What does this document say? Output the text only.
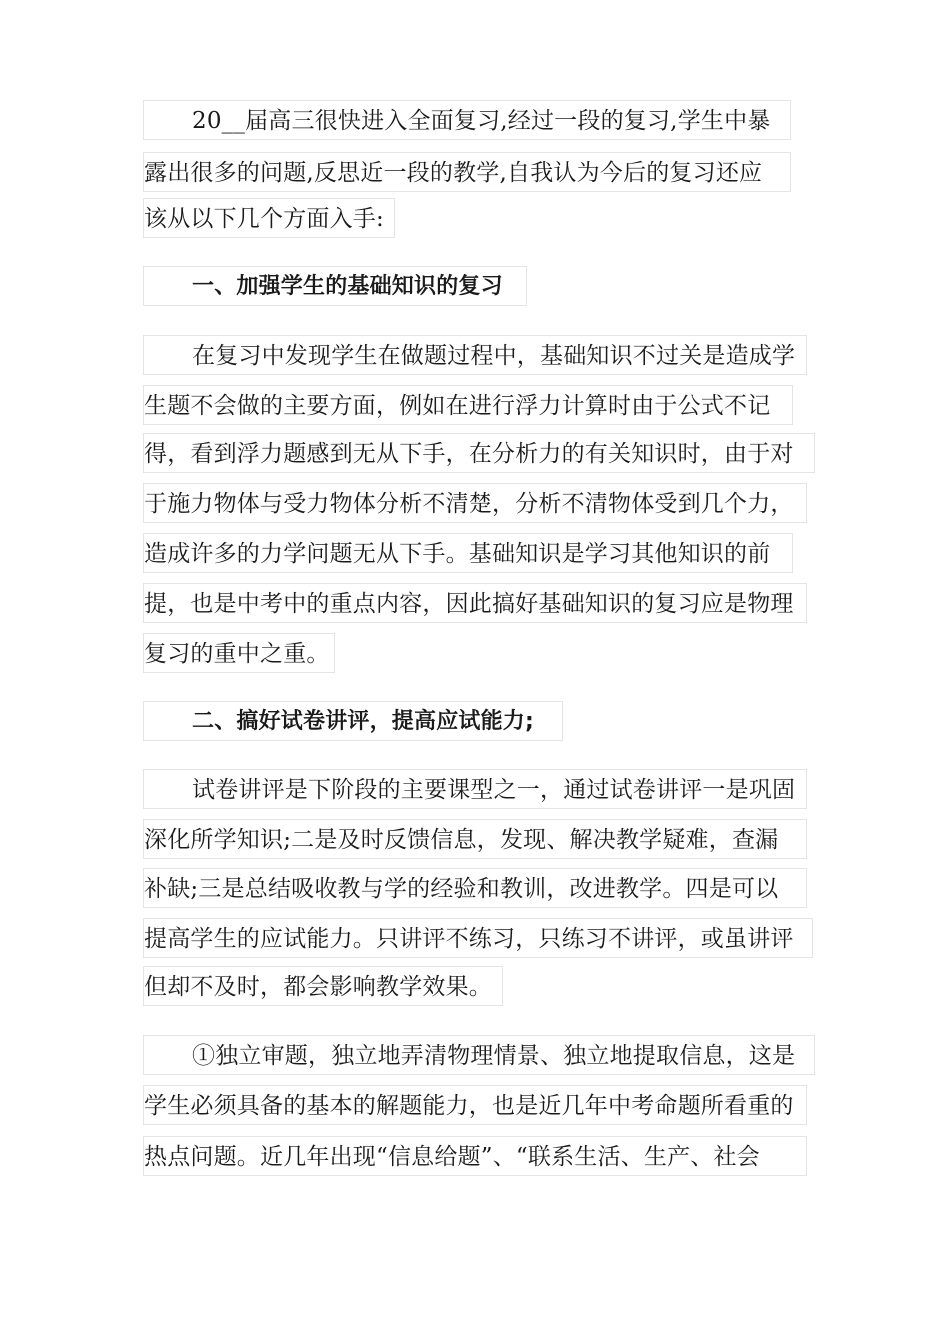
20__届高三很快进入全面复习,经过一段的复习,学生中暴
露出很多的问题,反思近一段的教学,自我认为今后的复习还应
该从以下几个方面入手:
一、加强学生的基础知识的复习
在复习中发现学生在做题过程中，基础知识不过关是造成学
生题不会做的主要方面，例如在进行浮力计算时由于公式不记
得，看到浮力题感到无从下手，在分析力的有关知识时，由于对
于施力物体与受力物体分析不清楚，分析不清物体受到几个力，
造成许多的力学问题无从下手。基础知识是学习其他知识的前
提，也是中考中的重点内容，因此搞好基础知识的复习应是物理
复习的重中之重。
二、搞好试卷讲评，提高应试能力;
试卷讲评是下阶段的主要课型之一，通过试卷讲评一是巩固
深化所学知识;二是及时反馈信息，发现、解决教学疑难，查漏
补缺;三是总结吸收教与学的经验和教训，改进教学。四是可以
提高学生的应试能力。只讲评不练习，只练习不讲评，或虽讲评
但却不及时，都会影响教学效果。
①独立审题，独立地弄清物理情景、独立地提取信息，这是
学生必须具备的基本的解题能力，也是近几年中考命题所看重的
热点问题。近几年出现“信息给题”、“联系生活、生产、社会
